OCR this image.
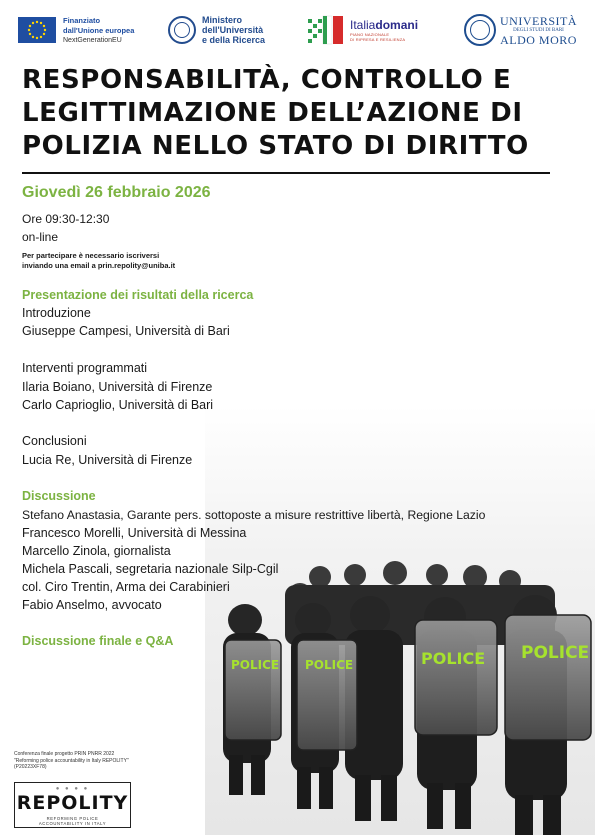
Finanziato
dall'Unione europea
NextGenerationEU
Ministero
dell'Università
e della Ricerca
Italiadomani
PIANO NAZIONALE
DI RIPRESA E RESILIENZA
UNIVERSITÀ
DEGLI STUDI DI BARI
ALDO MORO
RESPONSABILITÀ, CONTROLLO E
LEGITTIMAZIONE DELL’AZIONE DI
POLIZIA NELLO STATO DI DIRITTO
POLICE POLICE	POLICE POLICE
Giovedì 26 febbraio 2026
Ore 09:30-12:30
on-line
Per partecipare è necessario iscriversi
inviando una email a prin.repolity@uniba.it
Presentazione dei risultati della ricerca
Introduzione
Giuseppe Campesi, Università di Bari
Interventi programmati
Ilaria Boiano, Università di Firenze
Carlo Caprioglio, Università di Bari
Conclusioni
Lucia Re, Università di Firenze
Discussione
Stefano Anastasia, Garante pers. sottoposte a misure restrittive libertà, Regione Lazio
Francesco Morelli, Università di Messina
Marcello Zinola, giornalista
Michela Pascali, segretaria nazionale Silp-Cgil
col. Ciro Trentin, Arma dei Carabinieri
Fabio Anselmo, avvocato
Discussione finale e Q&A
Conferenza finale progetto PRIN PNRR 2022
"Reforming police accountability in Italy REPOLITY"
(P20223XF78)
● ● ● ●
REPOLITY
REFORMING POLICE
ACCOUNTABILITY IN ITALY
